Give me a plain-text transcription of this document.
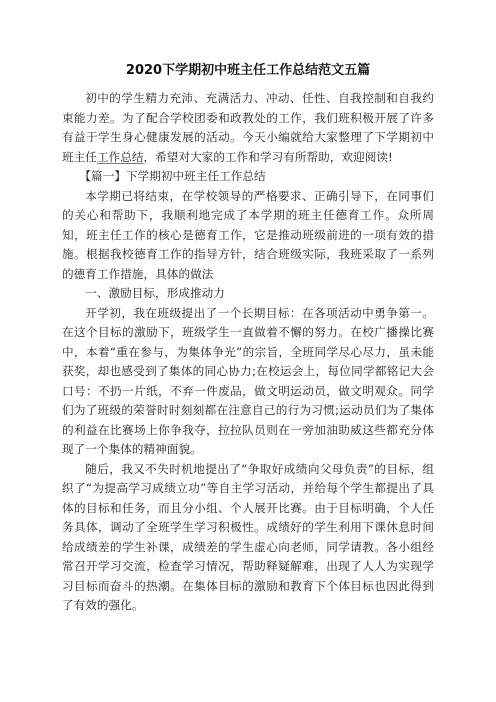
2020下学期初中班主任工作总结范文五篇

初中的学生精力充沛、充满活力、冲动、任性、自我控制和自我约束能力差。为了配合学校团委和政教处的工作，我们班积极开展了许多有益于学生身心健康发展的活动。今天小编就给大家整理了下学期初中班主任工作总结，希望对大家的工作和学习有所帮助，欢迎阅读!

【篇一】下学期初中班主任工作总结

本学期已将结束，在学校领导的严格要求、正确引导下，在同事们的关心和帮助下，我顺利地完成了本学期的班主任德育工作。众所周知，班主任工作的核心是德育工作，它是推动班级前进的一项有效的措施。根据我校德育工作的指导方针，结合班级实际，我班采取了一系列的德育工作措施，具体的做法

一、激励目标，形成推动力

开学初，我在班级提出了一个长期目标：在各项活动中勇争第一。在这个目标的激励下，班级学生一直做着不懈的努力。在校广播操比赛中，本着“重在参与，为集体争光”的宗旨，全班同学尽心尽力，虽未能获奖，却也感受到了集体的同心协力;在校运会上，每位同学都铭记大会口号：不扔一片纸，不弃一件废品，做文明运动员，做文明观众。同学们为了班级的荣誉时时刻刻都在注意自己的行为习惯;运动员们为了集体的利益在比赛场上你争我夺，拉拉队员则在一旁加油助威这些都充分体现了一个集体的精神面貌。

随后，我又不失时机地提出了“争取好成绩向父母负责”的目标，组织了“为提高学习成绩立功”等自主学习活动，并给每个学生都提出了具体的目标和任务，而且分小组、个人展开比赛。由于目标明确，个人任务具体，调动了全班学生学习积极性。成绩好的学生利用下课休息时间给成绩差的学生补课，成绩差的学生虚心向老师，同学请教。各小组经常召开学习交流，检查学习情况，帮助释疑解难，出现了人人为实现学习目标而奋斗的热潮。在集体目标的激励和教育下个体目标也因此得到了有效的强化。
